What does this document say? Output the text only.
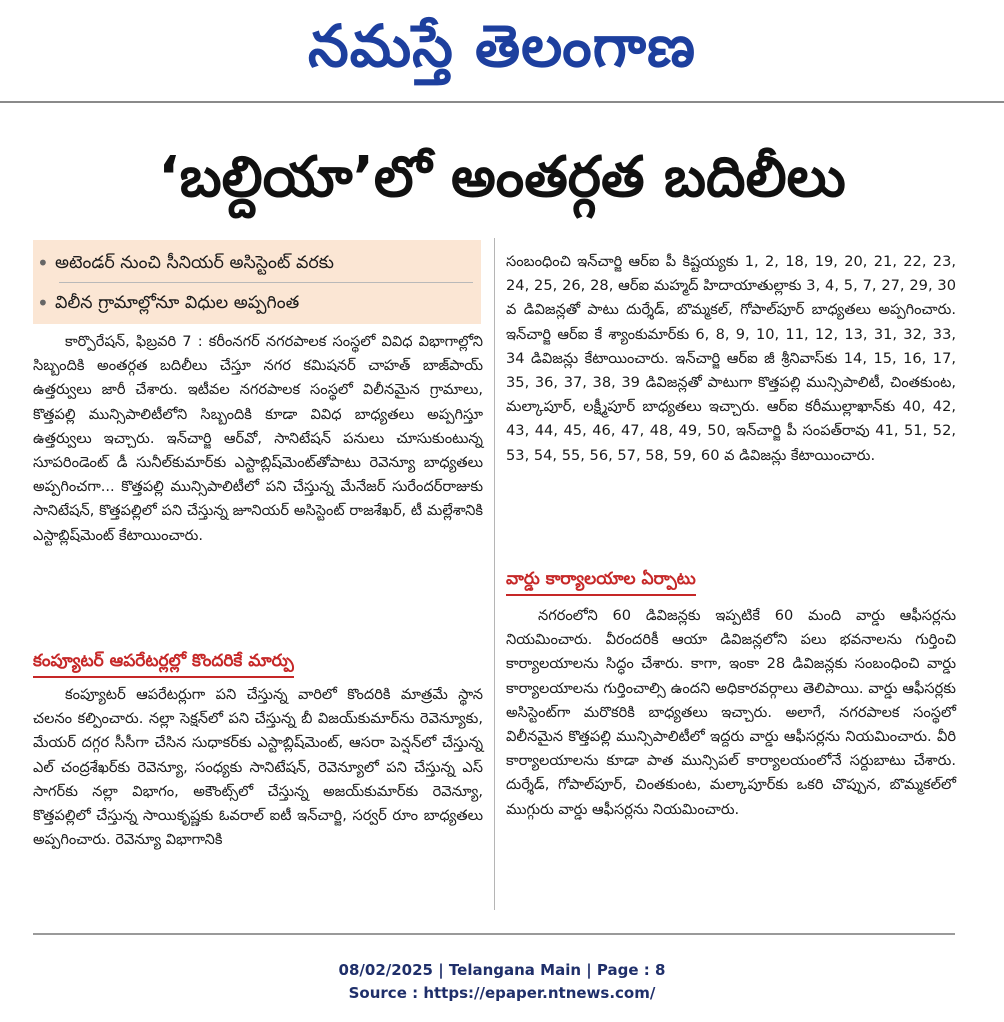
నమస్తే తెలంగాణ
‘బల్దియా’లో అంతర్గత బదిలీలు
• అటెండర్ నుంచి సీనియర్ అసిస్టెంట్ వరకు
• విలీన గ్రామాల్లోనూ విధుల అప్పగింత

కార్పొరేషన్, ఫిబ్రవరి 7 : కరీంనగర్ నగరపాలక సంస్థలో వివిధ విభాగాల్లోని సిబ్బందికి అంతర్గత బదిలీలు చేస్తూ నగర కమిషనర్ చాహత్ బాజ్‌పాయ్ ఉత్తర్వులు జారీ చేశారు. ఇటీవల నగరపాలక సంస్థలో విలీనమైన గ్రామాలు, కొత్తపల్లి మున్సిపాలిటీలోని సిబ్బందికి కూడా వివిధ బాధ్యతలు అప్పగిస్తూ ఉత్తర్వులు ఇచ్చారు. ఇన్‌చార్జి ఆర్‌వో, సానిటేషన్ పనులు చూసుకుంటున్న సూపరిండెంట్ డీ సునీల్‌కుమార్‌కు ఎస్టాబ్లిష్‌మెంట్‌తోపాటు రెవెన్యూ బాధ్యతలు అప్పగించగా... కొత్తపల్లి మున్సిపాలిటీలో పని చేస్తున్న మేనేజర్ సురేందర్‌రాజుకు సానిటేషన్, కొత్తపల్లిలో పని చేస్తున్న జూనియర్ అసిస్టెంట్ రాజశేఖర్, టీ మల్లేశానికి ఎస్టాబ్లిష్‌మెంట్ కేటాయించారు.

కంప్యూటర్ ఆపరేటర్లల్లో కొందరికే మార్పు

కంప్యూటర్ ఆపరేటర్లుగా పని చేస్తున్న వారిలో కొందరికి మాత్రమే స్థాన చలనం కల్పించారు. నల్లా సెక్షన్‌లో పని చేస్తున్న బీ విజయ్‌కుమార్‌ను రెవెన్యూకు, మేయర్ దగ్గర సీసీగా చేసిన సుధాకర్‌కు ఎస్టాబ్లిష్‌మెంట్, ఆసరా పెన్షన్‌లో చేస్తున్న ఎల్ చంద్రశేఖర్‌కు రెవెన్యూ, సంధ్యకు సానిటేషన్, రెవెన్యూలో పని చేస్తున్న ఎస్ సాగర్‌కు నల్లా విభాగం, అకౌంట్స్‌లో చేస్తున్న అజయ్‌కుమార్‌కు రెవెన్యూ, కొత్తపల్లిలో చేస్తున్న సాయికృష్ణకు ఓవరాల్ ఐటీ ఇన్‌చార్జి, సర్వర్ రూం బాధ్యతలు అప్పగించారు. రెవెన్యూ విభాగానికి

సంబంధించి ఇన్‌చార్జి ఆర్‌ఐ పీ కిష్టయ్యకు 1, 2, 18, 19, 20, 21, 22, 23, 24, 25, 26, 28, ఆర్‌ఐ మహ్మద్ హిదాయాతుల్లాకు 3, 4, 5, 7, 27, 29, 30 వ డివిజన్లతో పాటు దుర్శేడ్, బొమ్మకల్, గోపాల్‌పూర్ బాధ్యతలు అప్పగించారు. ఇన్‌చార్జి ఆర్‌ఐ కే శ్యాంకుమార్‌కు 6, 8, 9, 10, 11, 12, 13, 31, 32, 33, 34 డివిజన్లు కేటాయించారు. ఇన్‌చార్జి ఆర్‌ఐ జీ శ్రీనివాస్‌కు 14, 15, 16, 17, 35, 36, 37, 38, 39 డివిజన్లతో పాటుగా కొత్తపల్లి మున్సిపాలిటీ, చింతకుంట, మల్కాపూర్, లక్ష్మీపూర్ బాధ్యతలు ఇచ్చారు. ఆర్‌ఐ కరీముల్లాఖాన్‌కు 40, 42, 43, 44, 45, 46, 47, 48, 49, 50, ఇన్‌చార్జి పీ సంపత్‌రావు 41, 51, 52, 53, 54, 55, 56, 57, 58, 59, 60 వ డివిజన్లు కేటాయించారు.

వార్డు కార్యాలయాల ఏర్పాటు

నగరంలోని 60 డివిజన్లకు ఇప్పటికే 60 మంది వార్డు ఆఫీసర్లను నియమించారు. వీరందరికీ ఆయా డివిజన్లలోని పలు భవనాలను గుర్తించి కార్యాలయాలను సిద్ధం చేశారు. కాగా, ఇంకా 28 డివిజన్లకు సంబంధించి వార్డు కార్యాలయాలను గుర్తించాల్సి ఉందని అధికారవర్గాలు తెలిపాయి. వార్డు ఆఫీసర్లకు అసిస్టెంట్‌గా మరొకరికి బాధ్యతలు ఇచ్చారు. అలాగే, నగరపాలక సంస్థలో విలీనమైన కొత్తపల్లి మున్సిపాలిటీలో ఇద్దరు వార్డు ఆఫీసర్లను నియమించారు. వీరి కార్యాలయాలను కూడా పాత మున్సిపల్ కార్యాలయంలోనే సర్దుబాటు చేశారు. దుర్శేడ్, గోపాల్‌పూర్, చింతకుంట, మల్కాపూర్‌కు ఒకరి చొప్పున, బొమ్మకల్‌లో ముగ్గురు వార్డు ఆఫీసర్లను నియమించారు.

08/02/2025 | Telangana Main | Page : 8
Source : https://epaper.ntnews.com/
